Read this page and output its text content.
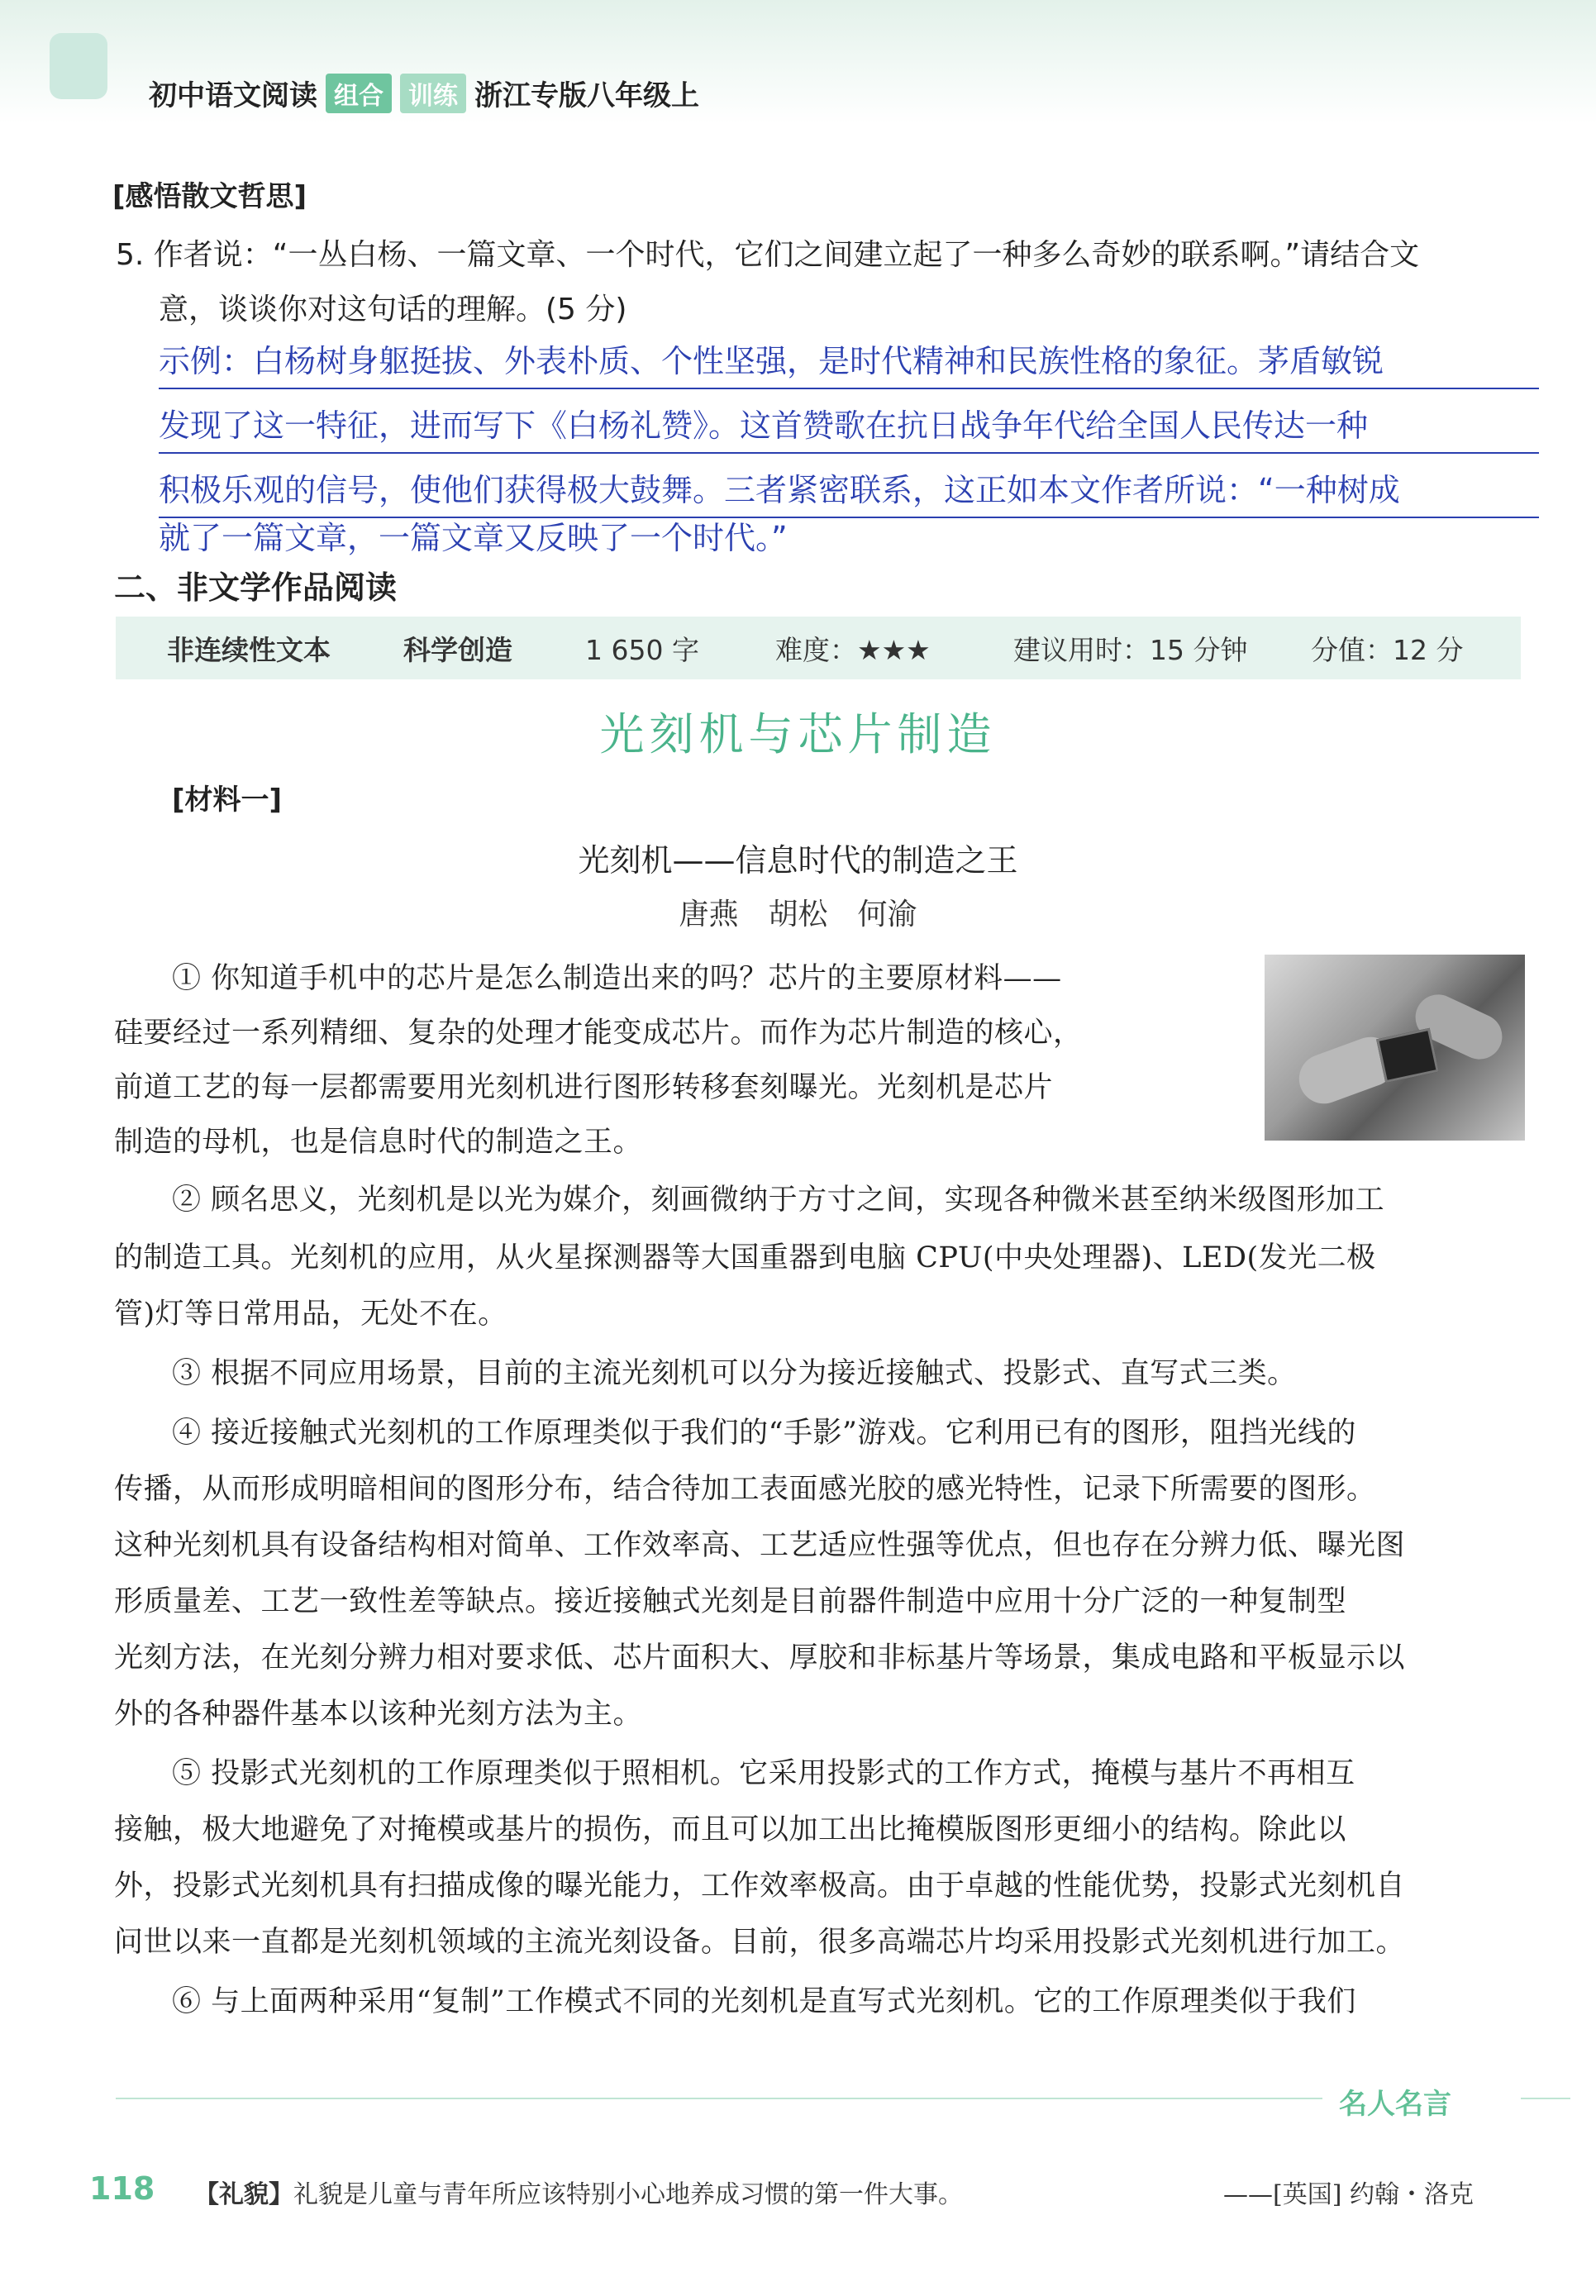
初中语文阅读 组合	训练 浙江专版八年级上
[感悟散文哲思]
5. 作者说：“一丛白杨、一篇文章、一个时代，它们之间建立起了一种多么奇妙的联系啊。”请结合文
意，谈谈你对这句话的理解。(5 分)
示例：白杨树身躯挺拔、外表朴质、个性坚强，是时代精神和民族性格的象征。茅盾敏锐
发现了这一特征，进而写下《白杨礼赞》。这首赞歌在抗日战争年代给全国人民传达一种
积极乐观的信号，使他们获得极大鼓舞。三者紧密联系，这正如本文作者所说：“一种树成
就了一篇文章，一篇文章又反映了一个时代。”
二、非文学作品阅读
非连续性文本	科学创造	1 650 字	难度：★★★	建议用时：15 分钟 分值：12 分
光刻机与芯片制造
[材料一]
光刻机——信息时代的制造之王
唐燕　胡松　何渝
① 你知道手机中的芯片是怎么制造出来的吗？芯片的主要原材料——
硅要经过一系列精细、复杂的处理才能变成芯片。而作为芯片制造的核心，
前道工艺的每一层都需要用光刻机进行图形转移套刻曝光。光刻机是芯片
制造的母机，也是信息时代的制造之王。
② 顾名思义，光刻机是以光为媒介，刻画微纳于方寸之间，实现各种微米甚至纳米级图形加工
的制造工具。光刻机的应用，从火星探测器等大国重器到电脑 CPU(中央处理器)、LED(发光二极
管)灯等日常用品，无处不在。
③ 根据不同应用场景，目前的主流光刻机可以分为接近接触式、投影式、直写式三类。
④ 接近接触式光刻机的工作原理类似于我们的“手影”游戏。它利用已有的图形，阻挡光线的
传播，从而形成明暗相间的图形分布，结合待加工表面感光胶的感光特性，记录下所需要的图形。
这种光刻机具有设备结构相对简单、工作效率高、工艺适应性强等优点，但也存在分辨力低、曝光图
形质量差、工艺一致性差等缺点。接近接触式光刻是目前器件制造中应用十分广泛的一种复制型
光刻方法，在光刻分辨力相对要求低、芯片面积大、厚胶和非标基片等场景，集成电路和平板显示以
外的各种器件基本以该种光刻方法为主。
⑤ 投影式光刻机的工作原理类似于照相机。它采用投影式的工作方式，掩模与基片不再相互
接触，极大地避免了对掩模或基片的损伤，而且可以加工出比掩模版图形更细小的结构。除此以
外，投影式光刻机具有扫描成像的曝光能力，工作效率极高。由于卓越的性能优势，投影式光刻机自
问世以来一直都是光刻机领域的主流光刻设备。目前，很多高端芯片均采用投影式光刻机进行加工。
⑥ 与上面两种采用“复制”工作模式不同的光刻机是直写式光刻机。它的工作原理类似于我们
名人名言
118 【礼貌】礼貌是儿童与青年所应该特别小心地养成习惯的第一件大事。	——[英国] 约翰・洛克
